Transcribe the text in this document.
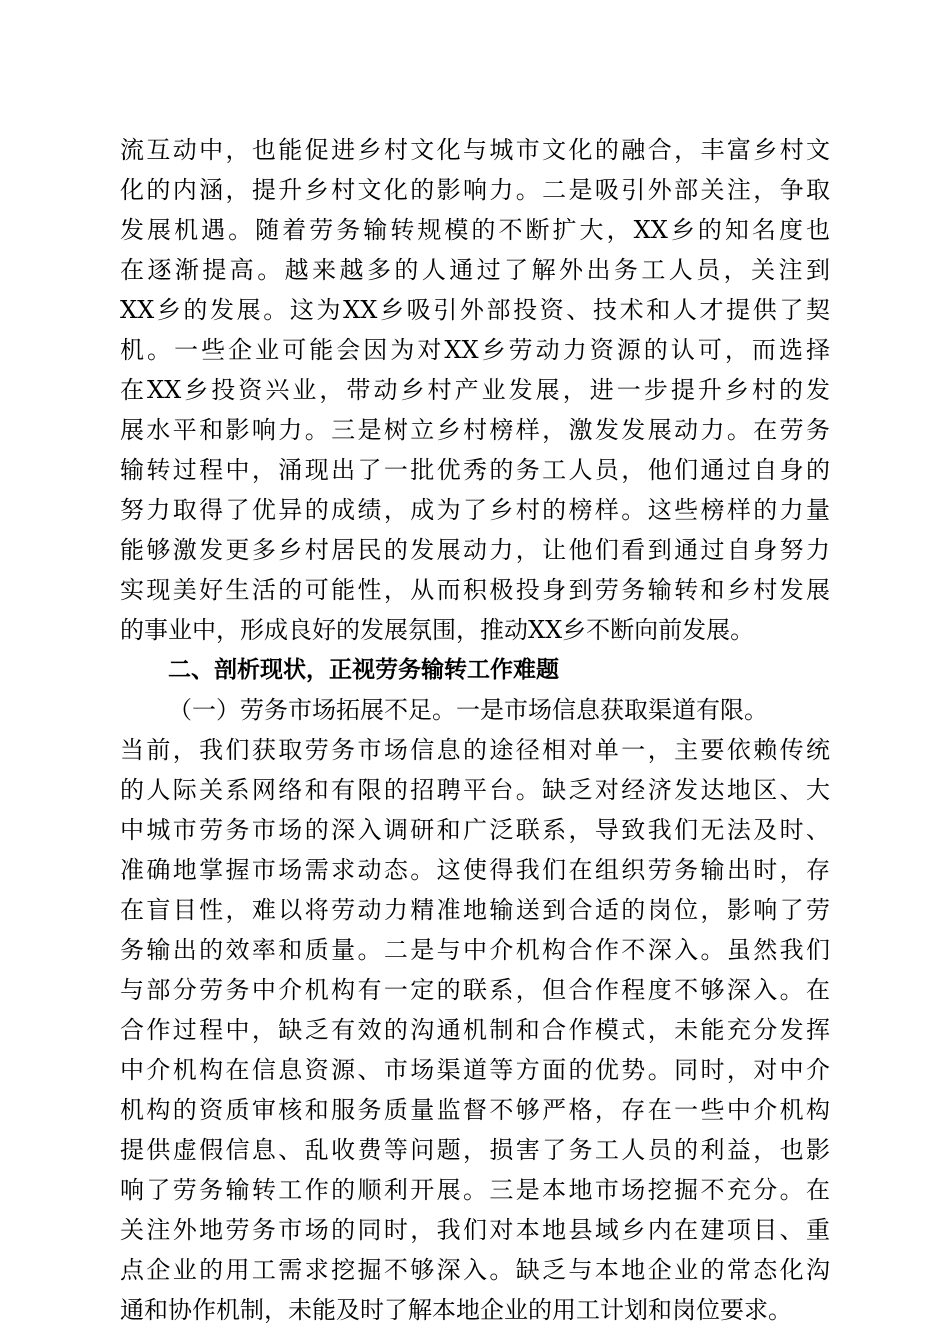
流互动中，也能促进乡村文化与城市文化的融合，丰富乡村文
化的内涵，提升乡村文化的影响力。二是吸引外部关注，争取
发展机遇。随着劳务输转规模的不断扩大，XX乡的知名度也
在逐渐提高。越来越多的人通过了解外出务工人员，关注到
XX乡的发展。这为XX乡吸引外部投资、技术和人才提供了契
机。一些企业可能会因为对XX乡劳动力资源的认可，而选择
在XX乡投资兴业，带动乡村产业发展，进一步提升乡村的发
展水平和影响力。三是树立乡村榜样，激发发展动力。在劳务
输转过程中，涌现出了一批优秀的务工人员，他们通过自身的
努力取得了优异的成绩，成为了乡村的榜样。这些榜样的力量
能够激发更多乡村居民的发展动力，让他们看到通过自身努力
实现美好生活的可能性，从而积极投身到劳务输转和乡村发展
的事业中，形成良好的发展氛围，推动XX乡不断向前发展。
二、剖析现状，正视劳务输转工作难题
（一）劳务市场拓展不足。一是市场信息获取渠道有限。
当前，我们获取劳务市场信息的途径相对单一，主要依赖传统
的人际关系网络和有限的招聘平台。缺乏对经济发达地区、大
中城市劳务市场的深入调研和广泛联系，导致我们无法及时、
准确地掌握市场需求动态。这使得我们在组织劳务输出时，存
在盲目性，难以将劳动力精准地输送到合适的岗位，影响了劳
务输出的效率和质量。二是与中介机构合作不深入。虽然我们
与部分劳务中介机构有一定的联系，但合作程度不够深入。在
合作过程中，缺乏有效的沟通机制和合作模式，未能充分发挥
中介机构在信息资源、市场渠道等方面的优势。同时，对中介
机构的资质审核和服务质量监督不够严格，存在一些中介机构
提供虚假信息、乱收费等问题，损害了务工人员的利益，也影
响了劳务输转工作的顺利开展。三是本地市场挖掘不充分。在
关注外地劳务市场的同时，我们对本地县域乡内在建项目、重
点企业的用工需求挖掘不够深入。缺乏与本地企业的常态化沟
通和协作机制，未能及时了解本地企业的用工计划和岗位要求。
